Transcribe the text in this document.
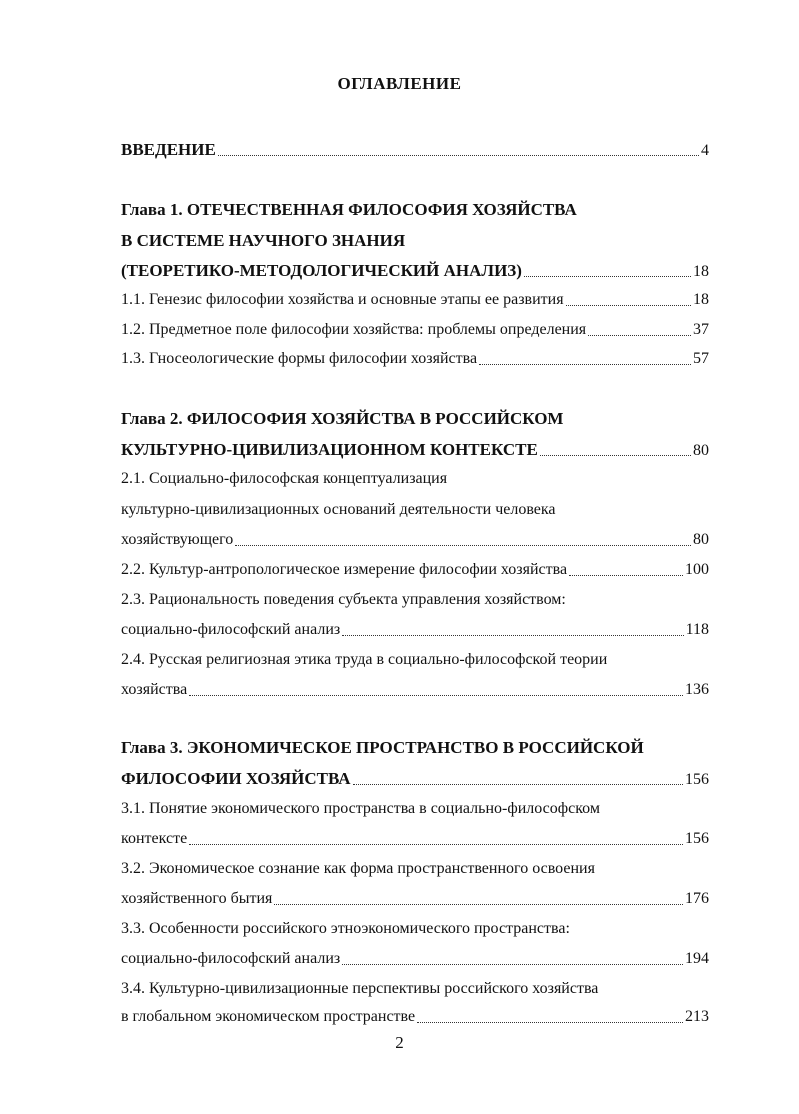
ОГЛАВЛЕНИЕ
ВВЕДЕНИЕ	4
Глава 1. ОТЕЧЕСТВЕННАЯ ФИЛОСОФИЯ ХОЗЯЙСТВА
В СИСТЕМЕ НАУЧНОГО ЗНАНИЯ
(ТЕОРЕТИКО-МЕТОДОЛОГИЧЕСКИЙ АНАЛИЗ)	18
1.1. Генезис философии хозяйства и основные этапы ее развития	18
1.2. Предметное поле философии хозяйства: проблемы определения	37
1.3. Гносеологические формы философии хозяйства	57
Глава 2. ФИЛОСОФИЯ ХОЗЯЙСТВА В РОССИЙСКОМ
КУЛЬТУРНО-ЦИВИЛИЗАЦИОННОМ КОНТЕКСТЕ	80
2.1. Социально-философская концептуализация
культурно-цивилизационных оснований деятельности человека
хозяйствующего	80
2.2. Культур-антропологическое измерение философии хозяйства	100
2.3. Рациональность поведения субъекта управления хозяйством:
социально-философский анализ	118
2.4. Русская религиозная этика труда в социально-философской теории
хозяйства	136
Глава 3. ЭКОНОМИЧЕСКОЕ ПРОСТРАНСТВО В РОССИЙСКОЙ
ФИЛОСОФИИ ХОЗЯЙСТВА	156
3.1. Понятие экономического пространства в социально-философском
контексте	156
3.2. Экономическое сознание как форма пространственного освоения
хозяйственного бытия	176
3.3. Особенности российского этноэкономического пространства:
социально-философский анализ	194
3.4. Культурно-цивилизационные перспективы российского хозяйства
в глобальном экономическом пространстве	213
2
